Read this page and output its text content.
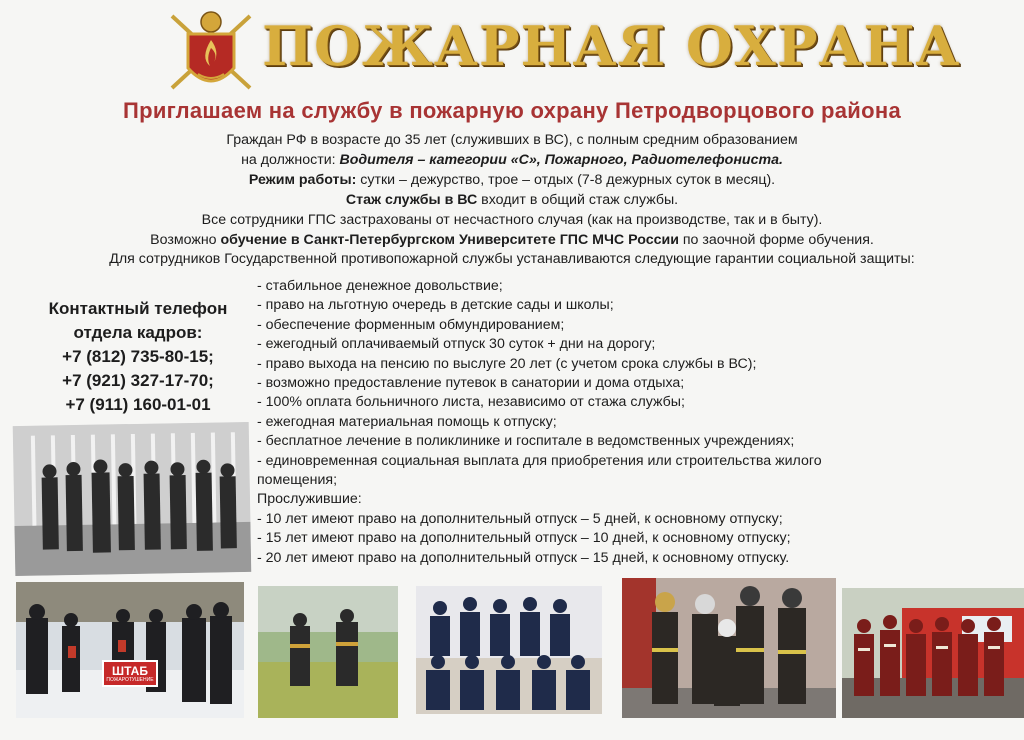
ПОЖАРНАЯ ОХРАНА
Приглашаем на службу в пожарную охрану Петродворцового района
Граждан РФ в возрасте до 35 лет (служивших в ВС), с полным средним образованием
на должности: Водителя – категории «С», Пожарного, Радиотелефониста.
Режим работы: сутки – дежурство, трое – отдых (7-8 дежурных суток в месяц).
Стаж службы в ВС входит в общий стаж службы.
Все сотрудники ГПС застрахованы от несчастного случая (как на производстве, так и в быту).
Возможно обучение в Санкт-Петербургском Университете ГПС МЧС России по заочной форме обучения.
Для сотрудников Государственной противопожарной службы устанавливаются следующие гарантии социальной защиты:
Контактный телефон
отдела кадров:
+7 (812) 735-80-15;
+7 (921) 327-17-70;
+7 (911) 160-01-01
- стабильное денежное довольствие;
- право на льготную очередь в детские сады и школы;
- обеспечение форменным обмундированием;
- ежегодный оплачиваемый отпуск 30 суток + дни на дорогу;
- право выхода на пенсию по выслуге 20 лет (с учетом срока службы в ВС);
- возможно предоставление путевок в санатории и дома отдыха;
- 100% оплата больничного листа, независимо от стажа службы;
- ежегодная материальная помощь к отпуску;
- бесплатное лечение в поликлинике и госпитале в ведомственных учреждениях;
- единовременная социальная выплата для приобретения или строительства жилого
помещения;
Прослужившие:
- 10 лет имеют право на дополнительный отпуск – 5 дней, к основному отпуску;
- 15 лет имеют право на дополнительный отпуск – 10 дней, к основному отпуску;
- 20 лет имеют право на дополнительный отпуск – 15 дней, к основному отпуску.
ШТАБ
ПОЖАРОТУШЕНИЕ
